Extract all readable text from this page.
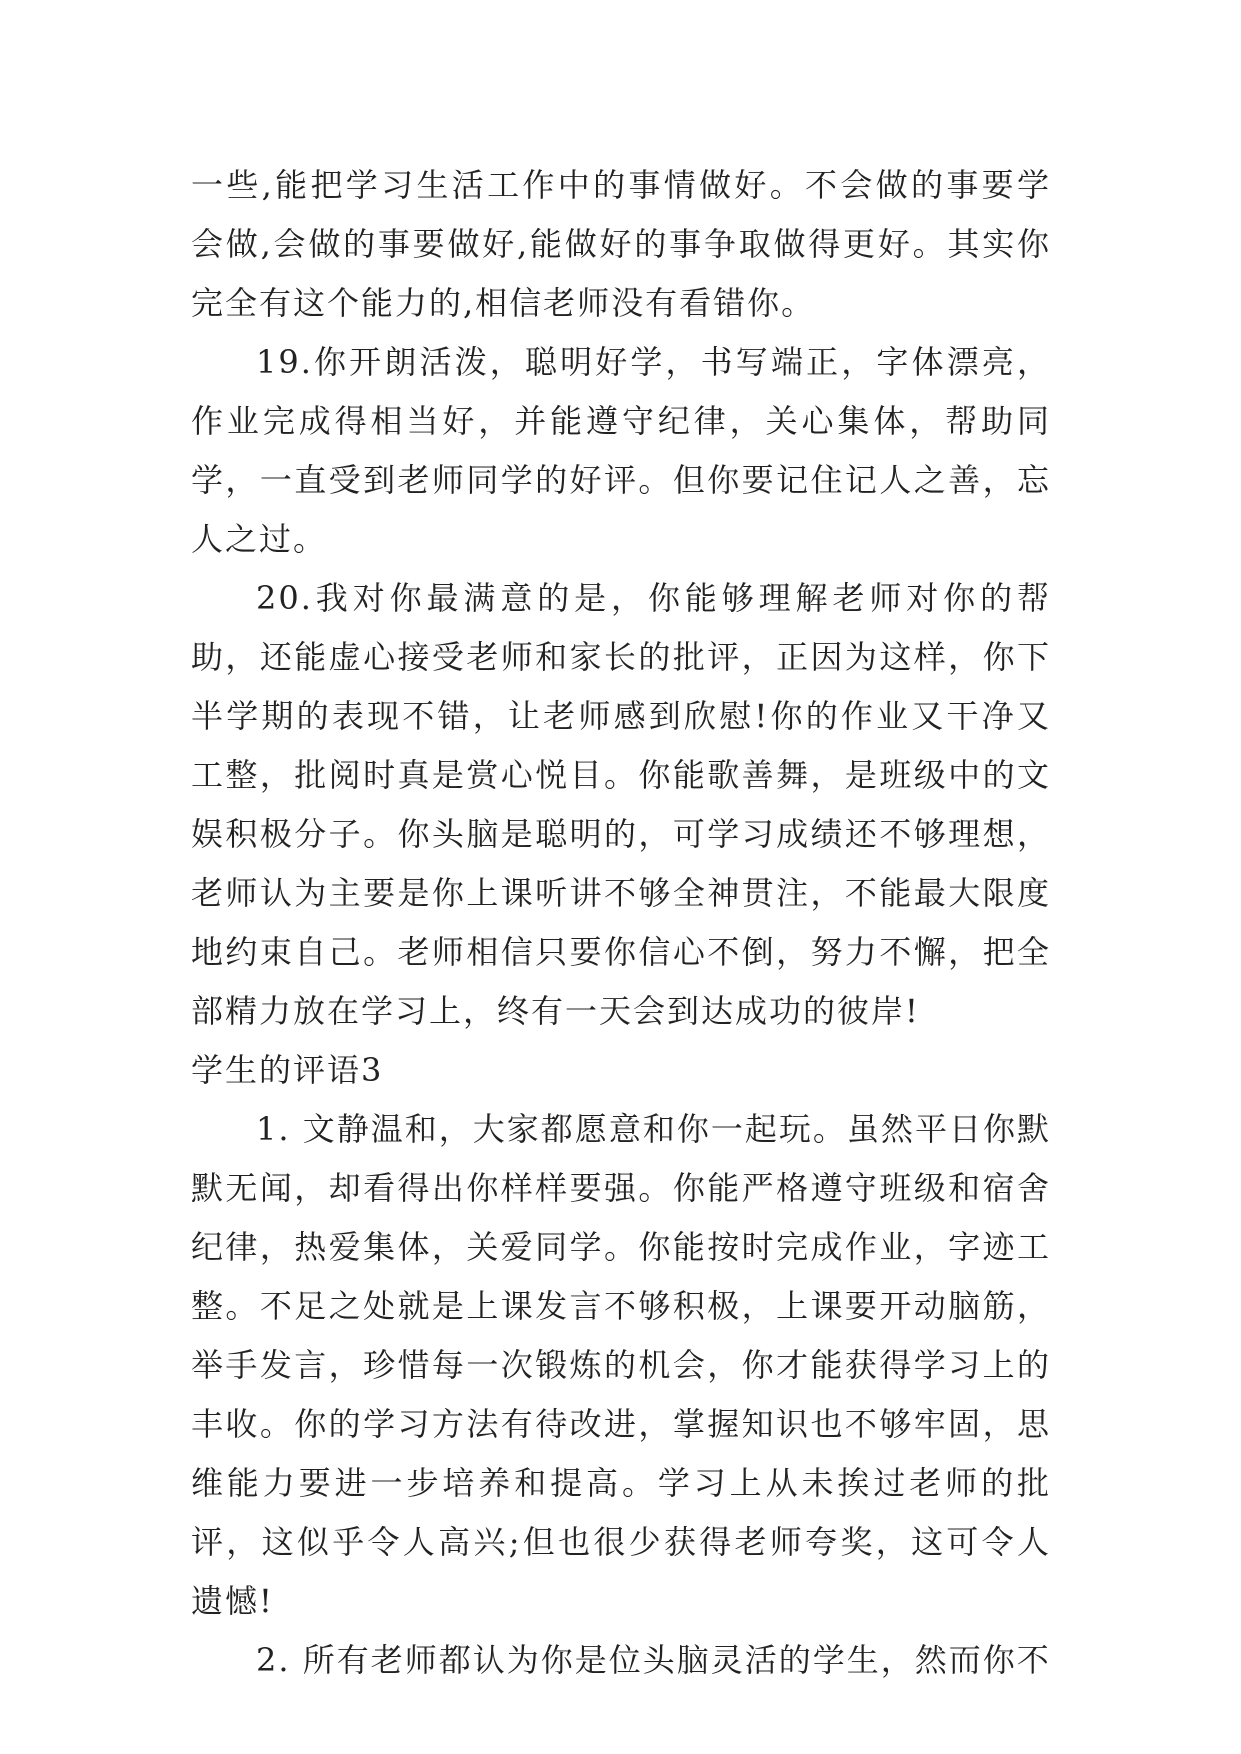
一些,能把学习生活工作中的事情做好。不会做的事要学会做,会做的事要做好,能做好的事争取做得更好。其实你完全有这个能力的,相信老师没有看错你。

19.你开朗活泼，聪明好学，书写端正，字体漂亮，作业完成得相当好，并能遵守纪律，关心集体，帮助同学，一直受到老师同学的好评。但你要记住记人之善，忘人之过。

20.我对你最满意的是，你能够理解老师对你的帮助，还能虚心接受老师和家长的批评，正因为这样，你下半学期的表现不错，让老师感到欣慰!你的作业又干净又工整，批阅时真是赏心悦目。你能歌善舞，是班级中的文娱积极分子。你头脑是聪明的，可学习成绩还不够理想，老师认为主要是你上课听讲不够全神贯注，不能最大限度地约束自己。老师相信只要你信心不倒，努力不懈，把全部精力放在学习上，终有一天会到达成功的彼岸!

学生的评语3

1. 文静温和，大家都愿意和你一起玩。虽然平日你默默无闻，却看得出你样样要强。你能严格遵守班级和宿舍纪律，热爱集体，关爱同学。你能按时完成作业，字迹工整。不足之处就是上课发言不够积极，上课要开动脑筋，举手发言，珍惜每一次锻炼的机会，你才能获得学习上的丰收。你的学习方法有待改进，掌握知识也不够牢固，思维能力要进一步培养和提高。学习上从未挨过老师的批评，这似乎令人高兴;但也很少获得老师夸奖，这可令人遗憾!

2. 所有老师都认为你是位头脑灵活的学生，然而你不
